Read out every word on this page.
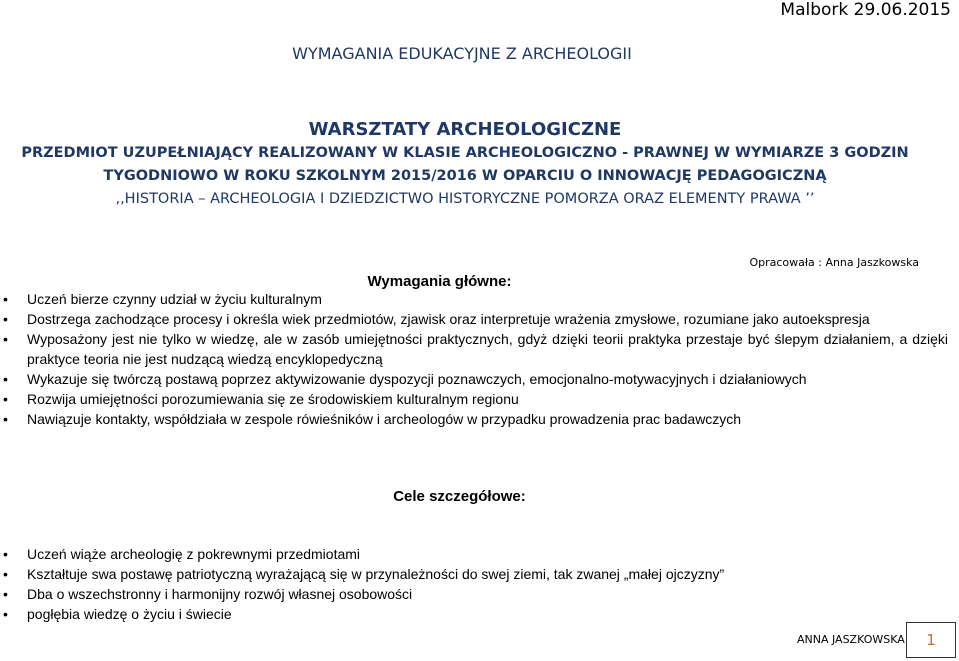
Malbork 29.06.2015
WYMAGANIA EDUKACYJNE Z ARCHEOLOGII
WARSZTATY ARCHEOLOGICZNE
PRZEDMIOT UZUPEŁNIAJĄCY REALIZOWANY W KLASIE ARCHEOLOGICZNO - PRAWNEJ W WYMIARZE 3 GODZIN
TYGODNIOWO W ROKU SZKOLNYM 2015/2016 W OPARCIU O INNOWACJĘ PEDAGOGICZNĄ
,,HISTORIA – ARCHEOLOGIA I DZIEDZICTWO HISTORYCZNE POMORZA ORAZ ELEMENTY PRAWA ’’
Opracowała : Anna Jaszkowska
Wymagania główne:
• Uczeń bierze czynny udział w życiu kulturalnym
• Dostrzega zachodzące procesy i określa wiek przedmiotów, zjawisk oraz interpretuje wrażenia zmysłowe, rozumiane jako autoekspresja
• Wyposażony jest nie tylko w wiedzę, ale w zasób umiejętności praktycznych, gdyż dzięki teorii praktyka przestaje być ślepym działaniem, a dzięki praktyce teoria nie jest nudzącą wiedzą encyklopedyczną
• Wykazuje się twórczą postawą poprzez aktywizowanie dyspozycji poznawczych, emocjonalno-motywacyjnych i działaniowych
• Rozwija umiejętności porozumiewania się ze środowiskiem kulturalnym regionu
• Nawiązuje kontakty, współdziała w zespole rówieśników i archeologów w przypadku prowadzenia prac badawczych
Cele szczegółowe:
• Uczeń wiąże archeologię z pokrewnymi przedmiotami
• Kształtuje swa postawę patriotyczną wyrażającą się w przynależności do swej ziemi, tak zwanej „małej ojczyzny”
• Dba o wszechstronny i harmonijny rozwój własnej osobowości
• pogłębia wiedzę o życiu i świecie
ANNA JASZKOWSKA 1
